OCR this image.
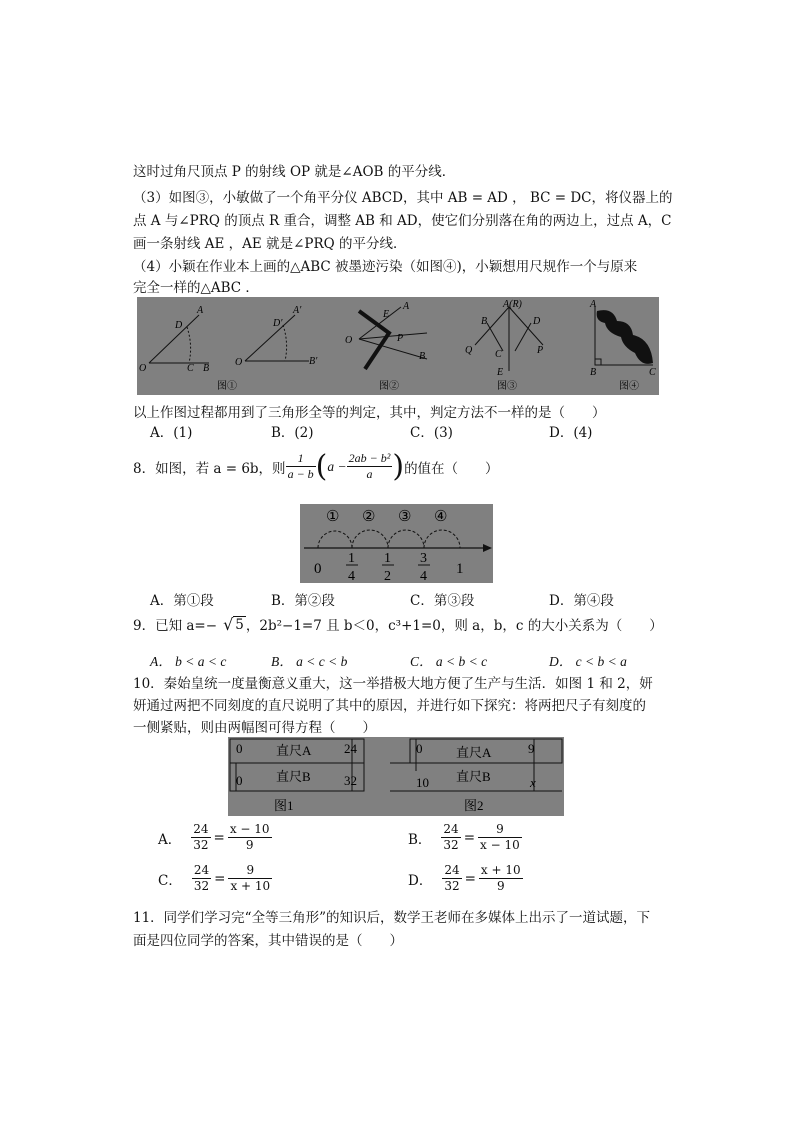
这时过角尺顶点 P 的射线 OP 就是∠AOB 的平分线．
（3）如图③，小敏做了一个角平分仪 ABCD，其中 AB = AD ， BC = DC，将仪器上的
点 A 与∠PRQ 的顶点 R 重合，调整 AB 和 AD，使它们分别落在角的两边上，过点 A，C
画一条射线 AE ，AE 就是∠PRQ 的平分线．
（4）小颖在作业本上画的△ABC 被墨迹污染（如图④)，小颖想用尺规作一个与原来
完全一样的△ABC ．
O	C B
D
A
O
D′
A′
B′
图①
O
E
A
P
B
图②
A(R)
B	D
Q C	P
E
图③
A
B	C
图④
以上作图过程都用到了三角形全等的判定，其中，判定方法不一样的是（　　）
A．(1)	B．(2)	C．(3)	D．(4)
8．如图，若 a = 6b，则 $\frac{1}{a - b}$ ( $a - \frac{\text{2ab − b²}}{a}$ ) 的值在（　　）
① ② ③ ④
0
1
4
1
2
3
4 1
A．第①段	B．第②段	C．第③段	D．第④段
9．已知 a=− √ 5 ，2b²−1=7 且 b＜0，c³+1=0，则 a，b，c 的大小关系为（　　）
A． b < a < c	B． a < c < b	C． a < b < c	D． c < b < a
10．秦始皇统一度量衡意义重大，这一举措极大地方便了生产与生活．如图 1 和 2，妍
妍通过两把不同刻度的直尺说明了其中的原因，并进行如下探究：将两把尺子有刻度的
一侧紧贴，则由两幅图可得方程（　　）
0	直尺A	24
0	直尺B	32
图1
0	直尺A	9
10 直尺B	x
图2
A． $\frac{24}{32} = \frac{x - 10}{9}$	B． $\frac{24}{32} = \frac{9}{x - 10}$
C． $\frac{24}{32} = \frac{9}{x + 10}$	D． $\frac{24}{32} = \frac{x + 10}{9}$
11．同学们学习完“全等三角形”的知识后，数学王老师在多媒体上出示了一道试题，下
面是四位同学的答案，其中错误的是（　　）
